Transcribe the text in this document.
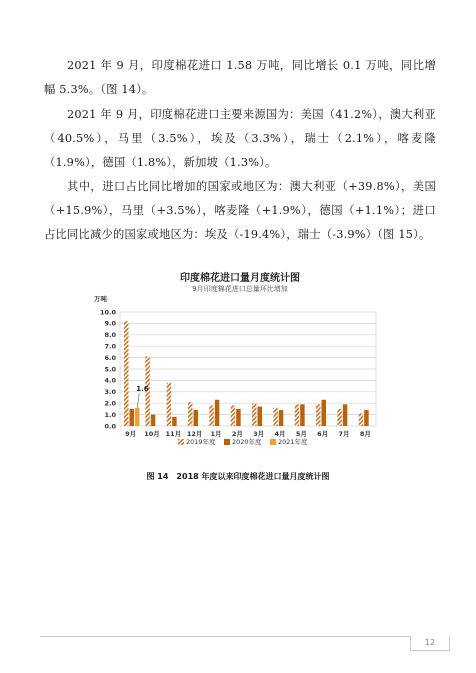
2021 年 9 月，印度棉花进口 1.58 万吨，同比增长 0.1 万吨，同比增幅 5.3%。（图 14）。

2021 年 9 月，印度棉花进口主要来源国为：美国（41.2%），澳大利亚（40.5%），马里（3.5%），埃及（3.3%），瑞士（2.1%），喀麦隆（1.9%），德国（1.8%），新加坡（1.3%）。

其中，进口占比同比增加的国家或地区为：澳大利亚（+39.8%），美国（+15.9%），马里（+3.5%），喀麦隆（+1.9%），德国（+1.1%）；进口占比同比减少的国家或地区为：埃及（-19.4%），瑞士（-3.9%）（图 15）。

印度棉花进口量月度统计图
9月印度棉花进口总量环比增加
万吨
0.0
1.0
2.0
3.0
4.0
5.0
6.0
7.0
8.0
9.0
10.0
1.6
9月 10月 11月 12月 1月 2月 3月 4月 5月 6月 7月 8月
2019年度	2020年度	2021年度
图 14　2018 年度以来印度棉花进口量月度统计图
12
